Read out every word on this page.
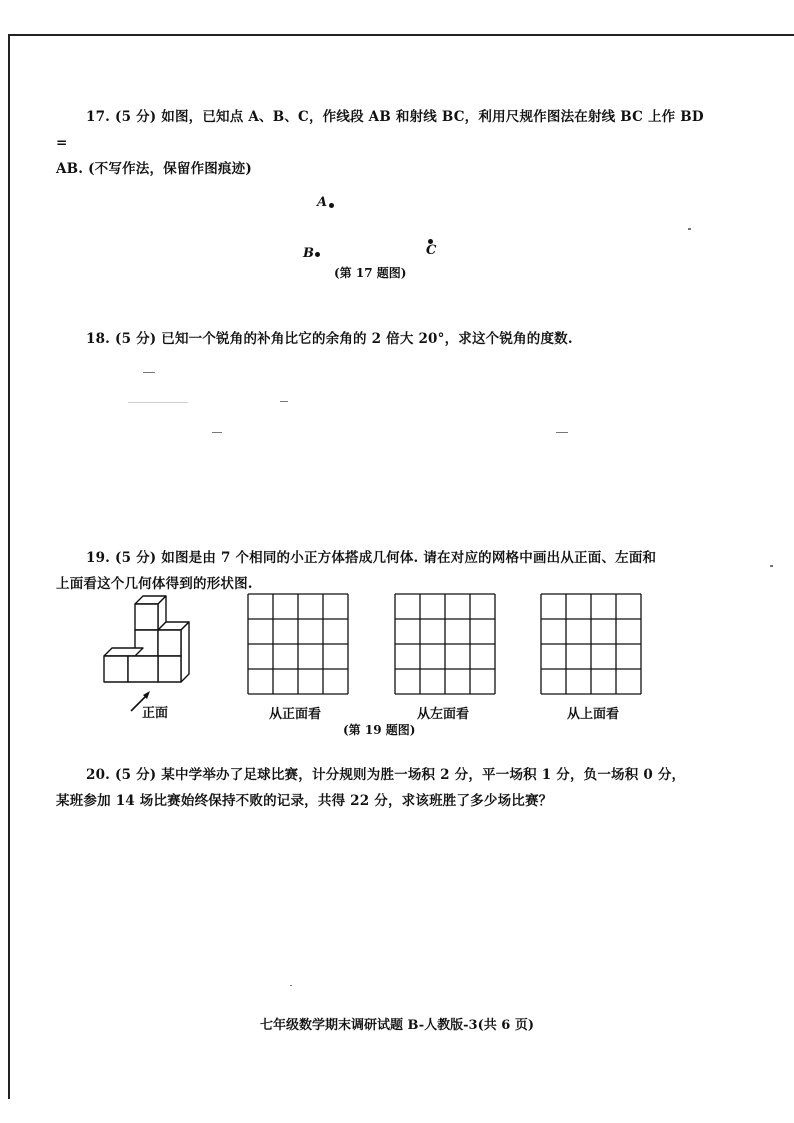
17. (5 分) 如图，已知点 A、B、C，作线段 AB 和射线 BC，利用尺规作图法在射线 BC 上作 BD =
AB. (不写作法，保留作图痕迹)
A
B	C
(第 17 题图)
18. (5 分) 已知一个锐角的补角比它的余角的 2 倍大 20°，求这个锐角的度数.
19. (5 分) 如图是由 7 个相同的小正方体搭成几何体. 请在对应的网格中画出从正面、左面和
上面看这个几何体得到的形状图.
正面	从正面看	从左面看	从上面看
(第 19 题图)
20. (5 分) 某中学举办了足球比赛，计分规则为胜一场积 2 分，平一场积 1 分，负一场积 0 分，
某班参加 14 场比赛始终保持不败的记录，共得 22 分，求该班胜了多少场比赛？
七年级数学期末调研试题 B-人教版-3(共 6 页)
